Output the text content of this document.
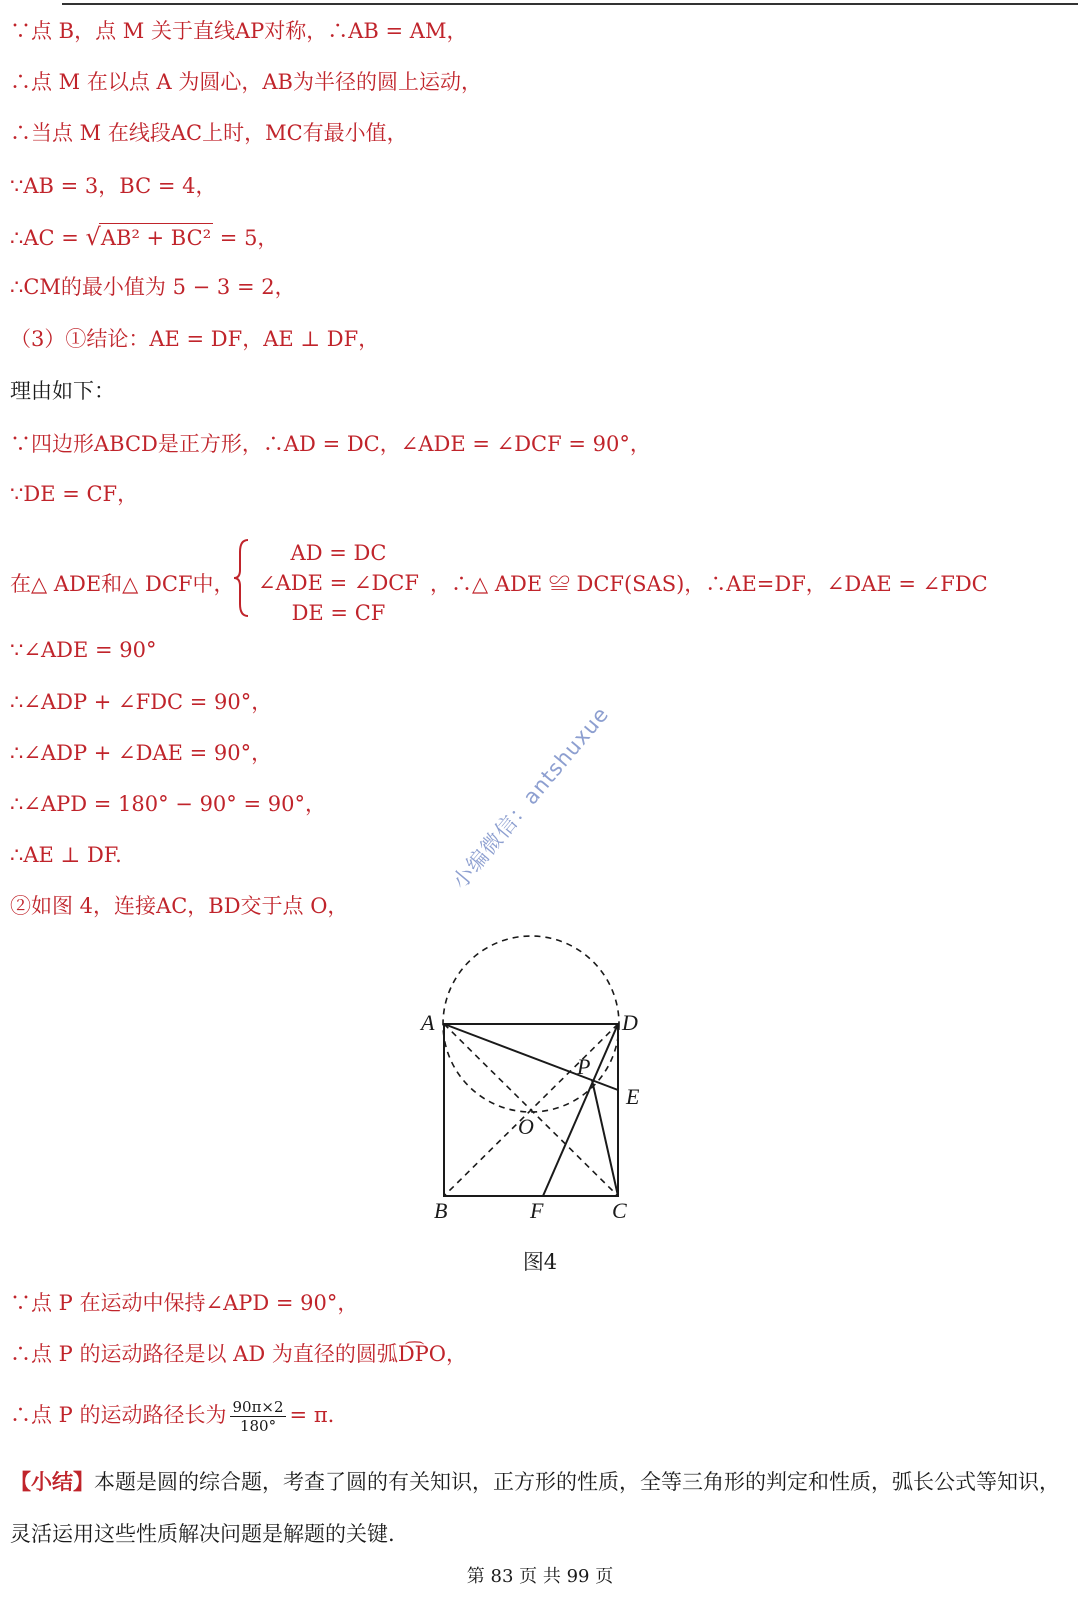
∵点 B，点 M 关于直线AP对称，∴AB = AM，
∴点 M 在以点 A 为圆心，AB为半径的圆上运动，
∴当点 M 在线段AC上时，MC有最小值，
∵AB = 3，BC = 4，
∴AC = √AB² + BC² = 5，
∴CM的最小值为 5 − 3 = 2，
（3）①结论：AE = DF，AE ⊥ DF，
理由如下：
∵四边形ABCD是正方形，∴AD = DC，∠ADE = ∠DCF = 90°，
∵DE = CF，
在△ ADE和△ DCF中，
AD = DC
∠ADE = ∠DCF
DE = CF
，∴△ ADE ≌ DCF(SAS)，∴AE=DF，∠DAE = ∠FDC
∵∠ADE = 90°
∴∠ADP + ∠FDC = 90°，
∴∠ADP + ∠DAE = 90°，
∴∠APD = 180° − 90° = 90°，
∴AE ⊥ DF.
②如图 4，连接AC，BD交于点 O，
小编微信：antshuxue
A	D
P
E
O
B	F	C
图4
∵点 P 在运动中保持∠APD = 90°，
∴点 P 的运动路径是以 AD 为直径的圆弧D͡PO，
∴点 P 的运动路径长为 $\frac{90\pi\times 2}{180^\circ} = \pi$.
【小结】本题是圆的综合题，考查了圆的有关知识，正方形的性质，全等三角形的判定和性质，弧长公式等知识，灵活运用这些性质解决问题是解题的关键.
第 83 页 共 99 页
